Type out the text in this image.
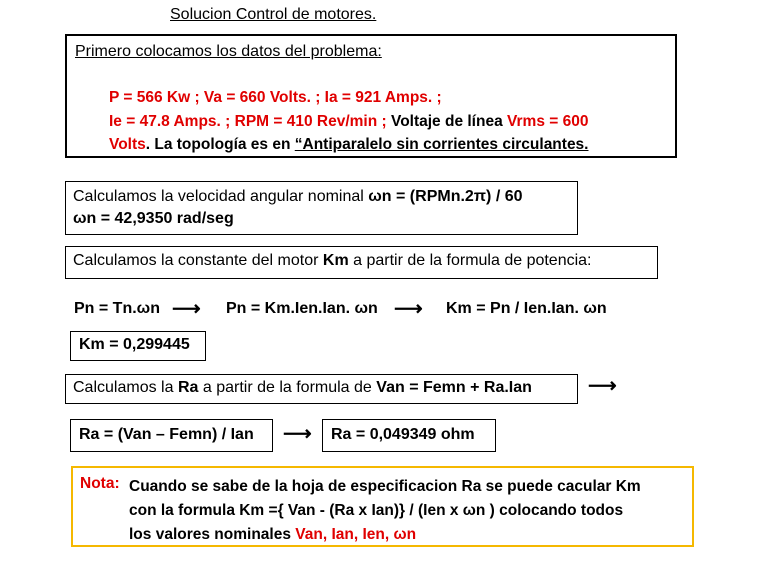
Solucion Control de motores.
Primero colocamos los datos del problema:
P = 566 Kw ; Va = 660 Volts. ; Ia = 921 Amps. ;
Ie = 47.8 Amps. ; RPM = 410 Rev/min ; Voltaje de línea Vrms = 600
Volts. La topología es en “Antiparalelo sin corrientes circulantes.
Calculamos la velocidad angular nominal ωn = (RPMn.2π) / 60
ωn = 42,9350 rad/seg
Calculamos la constante del motor Km a partir de la formula de potencia:
Pn = Tn.ωn ⟶ Pn = Km.Ien.Ian. ωn ⟶ Km = Pn / Ien.Ian. ωn
Km = 0,299445
Calculamos la Ra a partir de la formula de Van = Femn + Ra.Ian	⟶
Ra = (Van – Femn) / Ian	⟶	Ra = 0,049349 ohm
Nota: Cuando se sabe de la hoja de especificacion Ra se puede cacular Km
con la formula Km ={ Van - (Ra x Ian)} / (Ien x ωn ) colocando todos
los valores nominales Van, Ian, Ien, ωn
